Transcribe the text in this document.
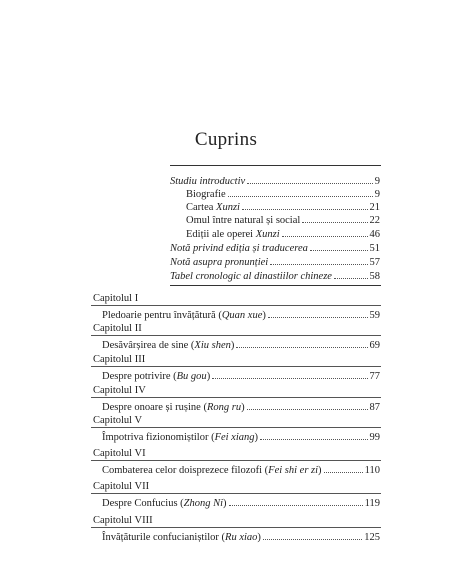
Cuprins
Studiu introductiv	9
Biografie	9
Cartea Xunzi	21
Omul între natural și social	22
Ediții ale operei Xunzi	46
Notă privind ediția și traducerea	51
Notă asupra pronunției	57
Tabel cronologic al dinastiilor chineze	58
Capitolul I
Pledoarie pentru învățătură (Quan xue)	59
Capitolul II
Desăvârșirea de sine (Xiu shen)	69
Capitolul III
Despre potrivire (Bu gou)	77
Capitolul IV
Despre onoare și rușine (Rong ru)	87
Capitolul V
Împotriva fizionomiștilor (Fei xiang)	99
Capitolul VI
Combaterea celor doisprezece filozofi (Fei shi er zi)	110
Capitolul VII
Despre Confucius (Zhong Ni)	119
Capitolul VIII
Învățăturile confucianiștilor (Ru xiao)	125
